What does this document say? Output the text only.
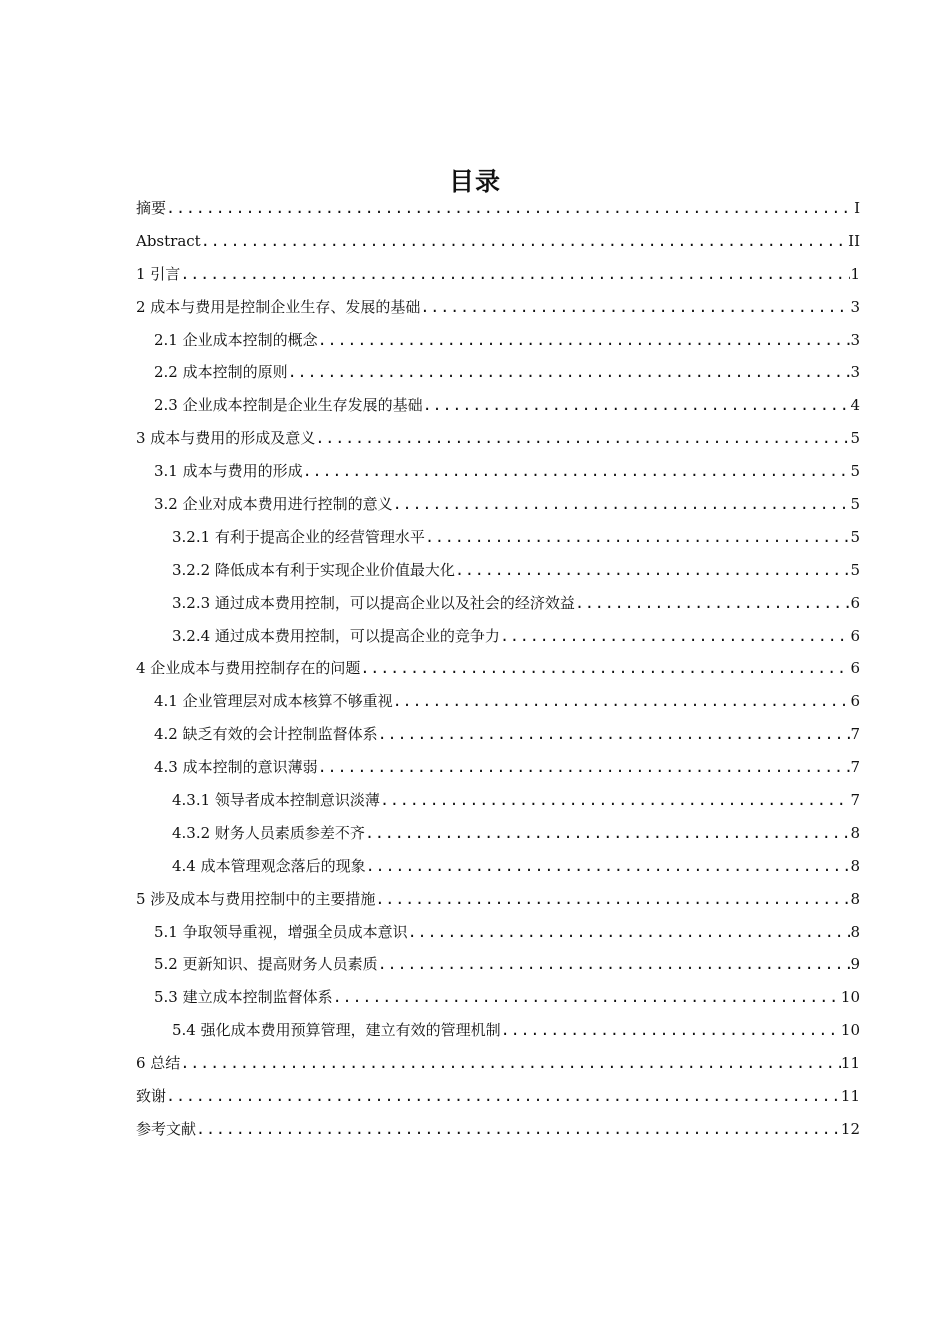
目录
摘要 .....	I
Abstract .....	II
1 引言 .....	1
2 成本与费用是控制企业生存、发展的基础 .....	3
2.1 企业成本控制的概念 .....	3
2.2 成本控制的原则 .....	3
2.3 企业成本控制是企业生存发展的基础 .....	4
3 成本与费用的形成及意义 .....	5
3.1 成本与费用的形成 .....	5
3.2 企业对成本费用进行控制的意义 .....	5
3.2.1 有利于提高企业的经营管理水平 .....	5
3.2.2 降低成本有利于实现企业价值最大化 .....	5
3.2.3 通过成本费用控制，可以提高企业以及社会的经济效益 .....	6
3.2.4 通过成本费用控制，可以提高企业的竞争力 .....	6
4 企业成本与费用控制存在的问题 .....	6
4.1 企业管理层对成本核算不够重视 .....	6
4.2 缺乏有效的会计控制监督体系 .....	7
4.3 成本控制的意识薄弱 .....	7
4.3.1 领导者成本控制意识淡薄 .....	7
4.3.2 财务人员素质参差不齐 .....	8
4.4 成本管理观念落后的现象 .....	8
5 涉及成本与费用控制中的主要措施 .....	8
5.1 争取领导重视，增强全员成本意识 .....	8
5.2 更新知识、提高财务人员素质 .....	9
5.3 建立成本控制监督体系 .....	10
5.4 强化成本费用预算管理，建立有效的管理机制 .....	10
6 总结 .....	11
致谢 .....	11
参考文献 .....	12
